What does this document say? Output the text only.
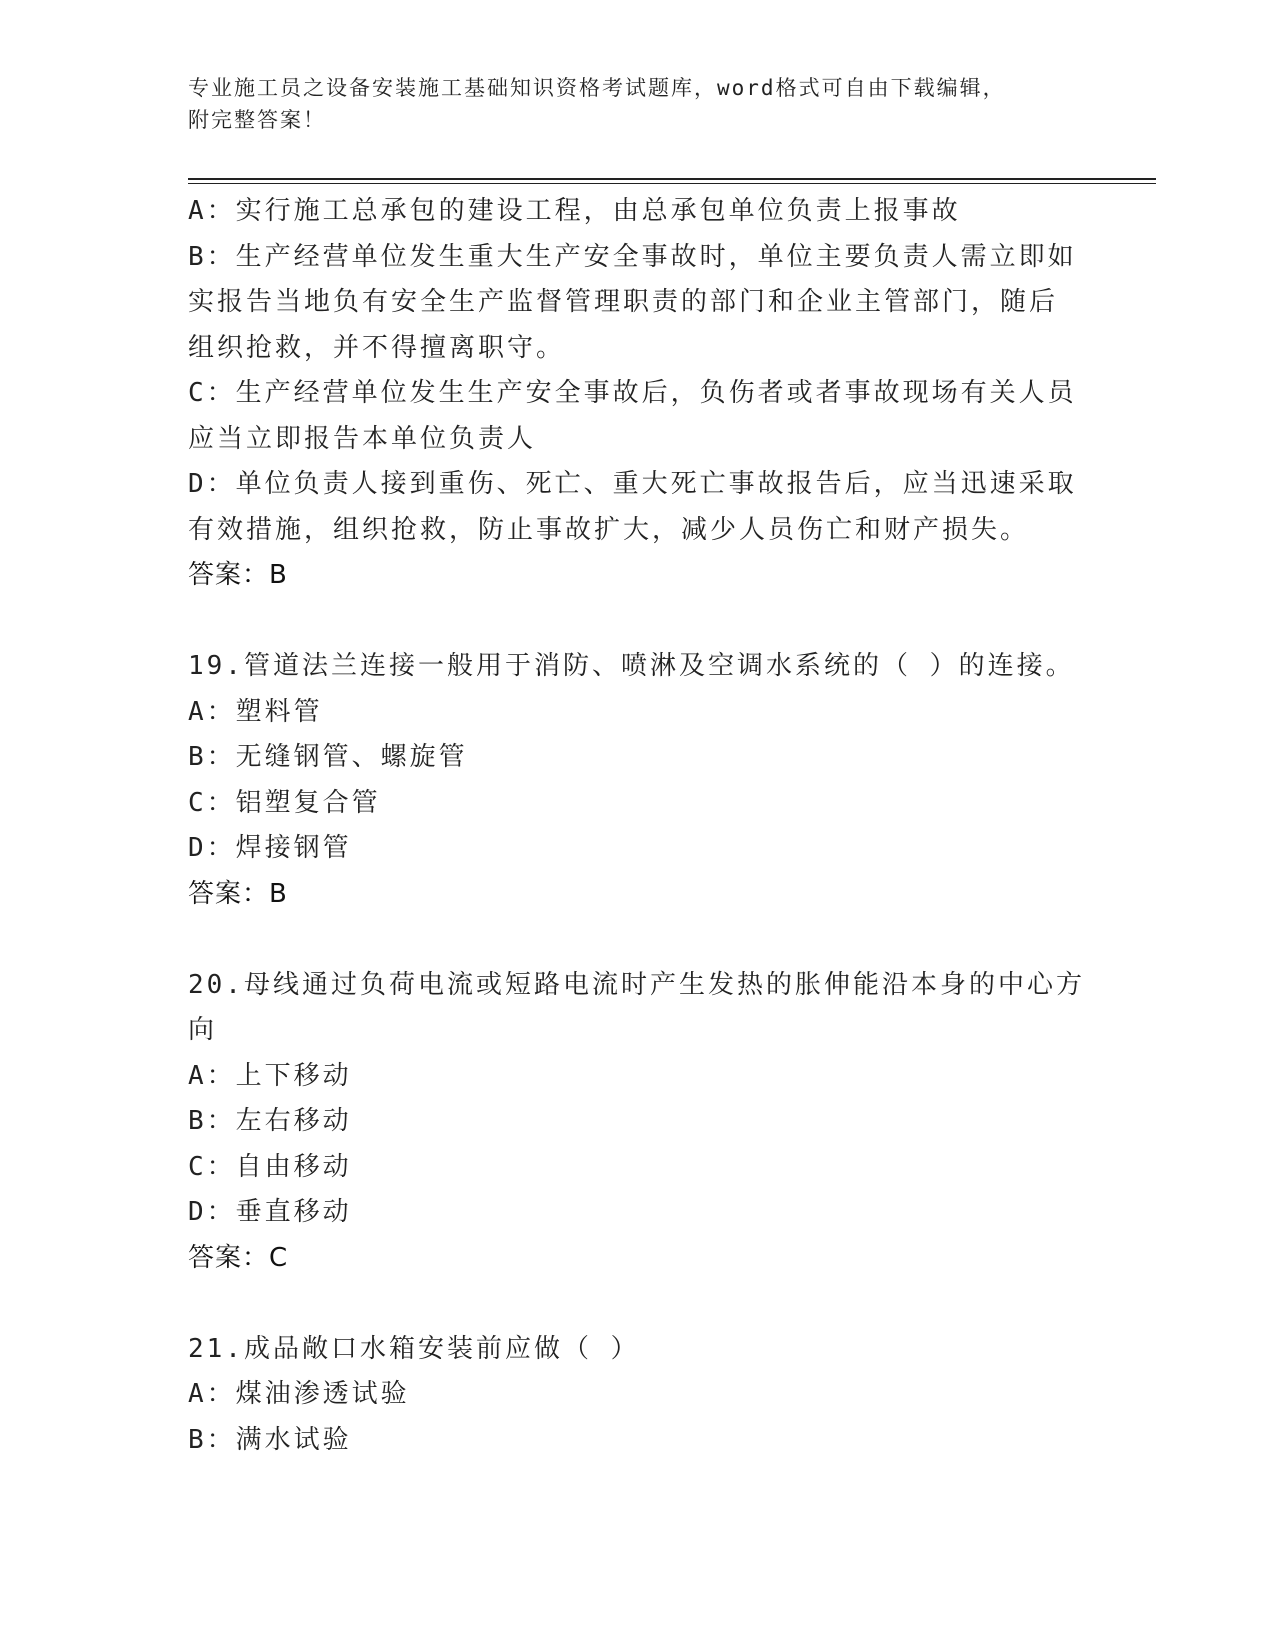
专业施工员之设备安装施工基础知识资格考试题库，word格式可自由下载编辑，
附完整答案！
A：实行施工总承包的建设工程，由总承包单位负责上报事故
B：生产经营单位发生重大生产安全事故时，单位主要负责人需立即如
实报告当地负有安全生产监督管理职责的部门和企业主管部门，随后
组织抢救，并不得擅离职守。
C：生产经营单位发生生产安全事故后，负伤者或者事故现场有关人员
应当立即报告本单位负责人
D：单位负责人接到重伤、死亡、重大死亡事故报告后，应当迅速采取
有效措施，组织抢救，防止事故扩大，减少人员伤亡和财产损失。
答案：B
19.管道法兰连接一般用于消防、喷淋及空调水系统的（ ）的连接。
A：塑料管
B：无缝钢管、螺旋管
C：铝塑复合管
D：焊接钢管
答案：B
20.母线通过负荷电流或短路电流时产生发热的胀伸能沿本身的中心方
向
A：上下移动
B：左右移动
C：自由移动
D：垂直移动
答案：C
21.成品敞口水箱安装前应做（ ）
A：煤油渗透试验
B：满水试验
